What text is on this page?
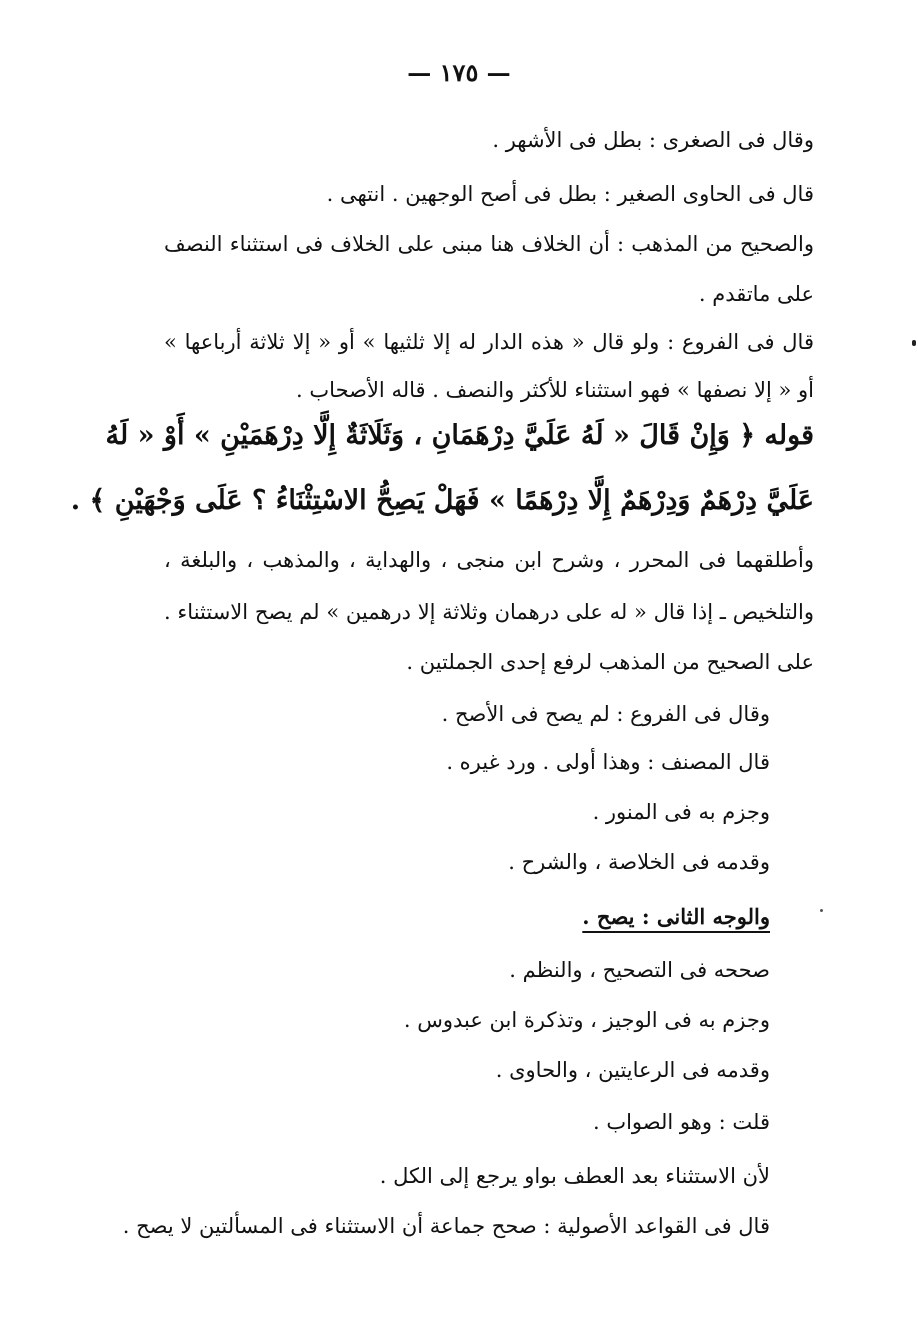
— ١٧٥ —
وقال فى الصغرى : بطل فى الأشهر .
قال فى الحاوى الصغير : بطل فى أصح الوجهين . انتهى .
والصحيح من المذهب : أن الخلاف هنا مبنى على الخلاف فى استثناء النصف
على ماتقدم .
قال فى الفروع : ولو قال « هذه الدار له إلا ثلثيها » أو « إلا ثلاثة أرباعها »
أو « إلا نصفها » فهو استثناء للأكثر والنصف . قاله الأصحاب .
قوله ﴿ وَإِنْ قَالَ « لَهُ عَلَيَّ دِرْهَمَانِ ، وَثَلَاثَةٌ إِلَّا دِرْهَمَيْنِ » أَوْ « لَهُ
عَلَيَّ دِرْهَمٌ وَدِرْهَمٌ إِلَّا دِرْهَمًا » فَهَلْ يَصِحُّ الاسْتِثْنَاءُ ؟ عَلَى وَجْهَيْنِ ﴾ .
وأطلقهما فى المحرر ، وشرح ابن منجى ، والهداية ، والمذهب ، والبلغة ،
والتلخيص ـ إذا قال « له على درهمان وثلاثة إلا درهمين » لم يصح الاستثناء .
على الصحيح من المذهب لرفع إحدى الجملتين .
وقال فى الفروع : لم يصح فى الأصح .
قال المصنف : وهذا أولى . ورد غيره .
وجزم به فى المنور .
وقدمه فى الخلاصة ، والشرح .
والوجه الثانى : يصح .
صححه فى التصحيح ، والنظم .
وجزم به فى الوجيز ، وتذكرة ابن عبدوس .
وقدمه فى الرعايتين ، والحاوى .
قلت : وهو الصواب .
لأن الاستثناء بعد العطف بواو يرجع إلى الكل .
قال فى القواعد الأصولية : صحح جماعة أن الاستثناء فى المسألتين لا يصح .
